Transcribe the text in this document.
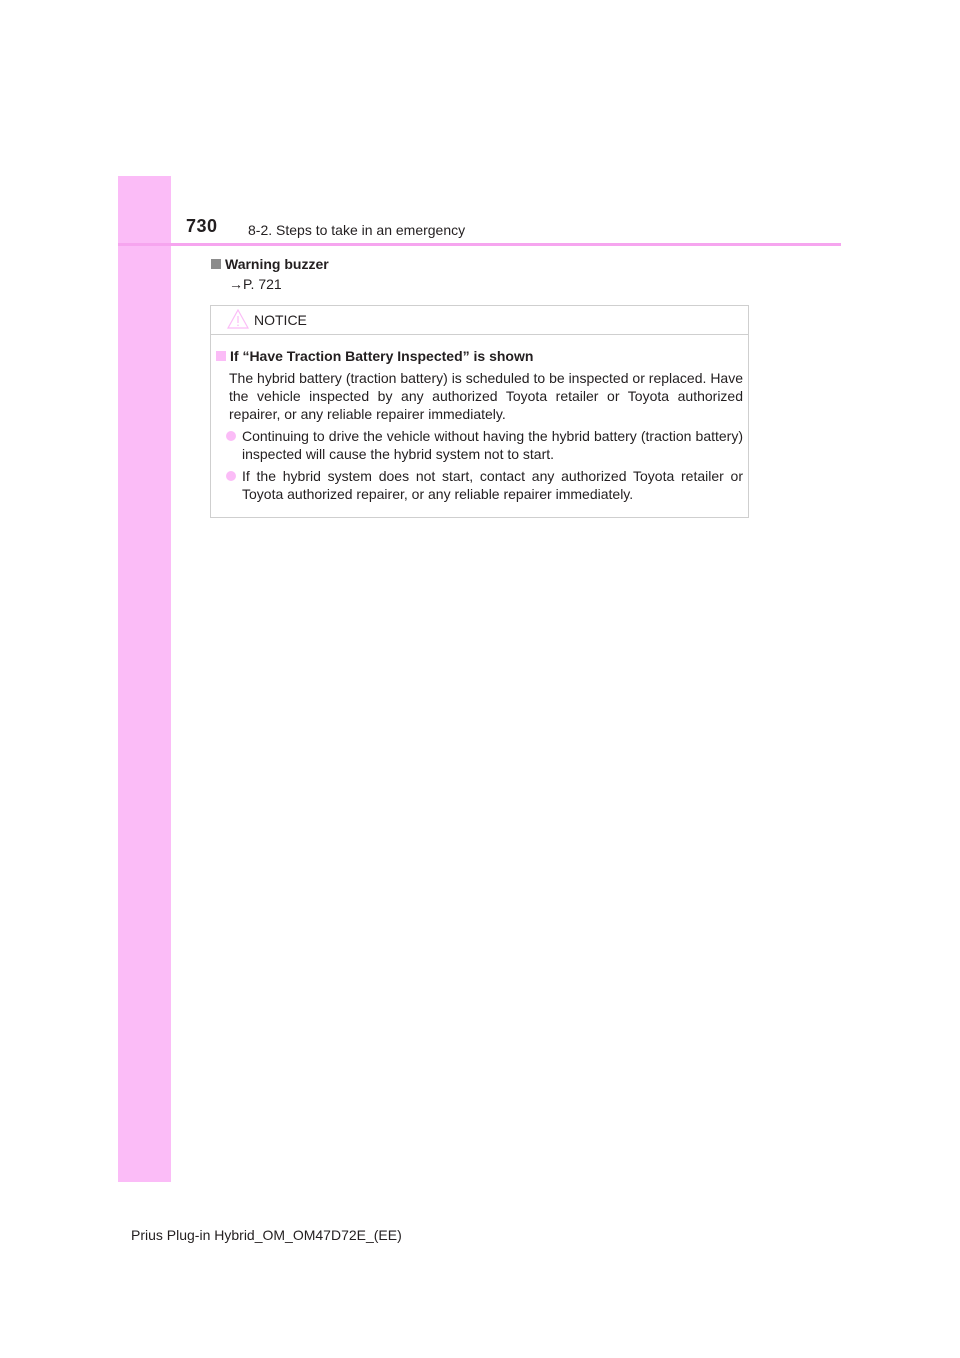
730 8-2. Steps to take in an emergency
Warning buzzer
→P. 721
NOTICE
If “Have Traction Battery Inspected” is shown
The hybrid battery (traction battery) is scheduled to be inspected or replaced. Have the vehicle inspected by any authorized Toyota retailer or Toyota authorized repairer, or any reliable repairer immediately.
Continuing to drive the vehicle without having the hybrid battery (traction battery) inspected will cause the hybrid system not to start.
If the hybrid system does not start, contact any authorized Toyota retailer or Toyota authorized repairer, or any reliable repairer immediately.
Prius Plug-in Hybrid_OM_OM47D72E_(EE)
